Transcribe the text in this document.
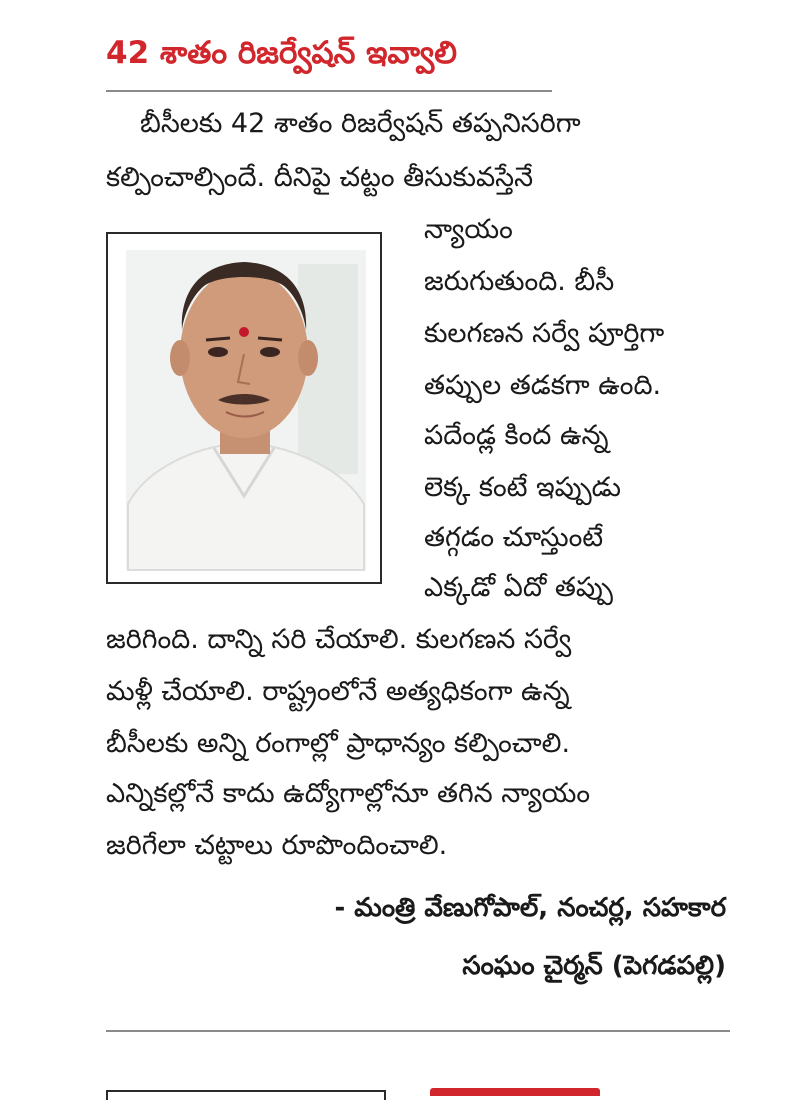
42 శాతం రిజర్వేషన్ ఇవ్వాలి
బీసీలకు 42 శాతం రిజర్వేషన్ తప్పనిసరిగా
కల్పించాల్సిందే. దీనిపై చట్టం తీసుకువస్తేనే
న్యాయం
జరుగుతుంది. బీసీ
కులగణన సర్వే పూర్తిగా
తప్పుల తడకగా ఉంది.
పదేండ్ల కింద ఉన్న
లెక్క కంటే ఇప్పుడు
తగ్గడం చూస్తుంటే
ఎక్కడో ఏదో తప్పు
జరిగింది. దాన్ని సరి చేయాలి. కులగణన సర్వే
మళ్లీ చేయాలి. రాష్ట్రంలోనే అత్యధికంగా ఉన్న
బీసీలకు అన్ని రంగాల్లో ప్రాధాన్యం కల్పించాలి.
ఎన్నికల్లోనే కాదు ఉద్యోగాల్లోనూ తగిన న్యాయం
జరిగేలా చట్టాలు రూపొందించాలి.
- మంత్రి వేణుగోపాల్, నంచర్ల, సహకార
సంఘం చైర్మన్ (పెగడపల్లి)
